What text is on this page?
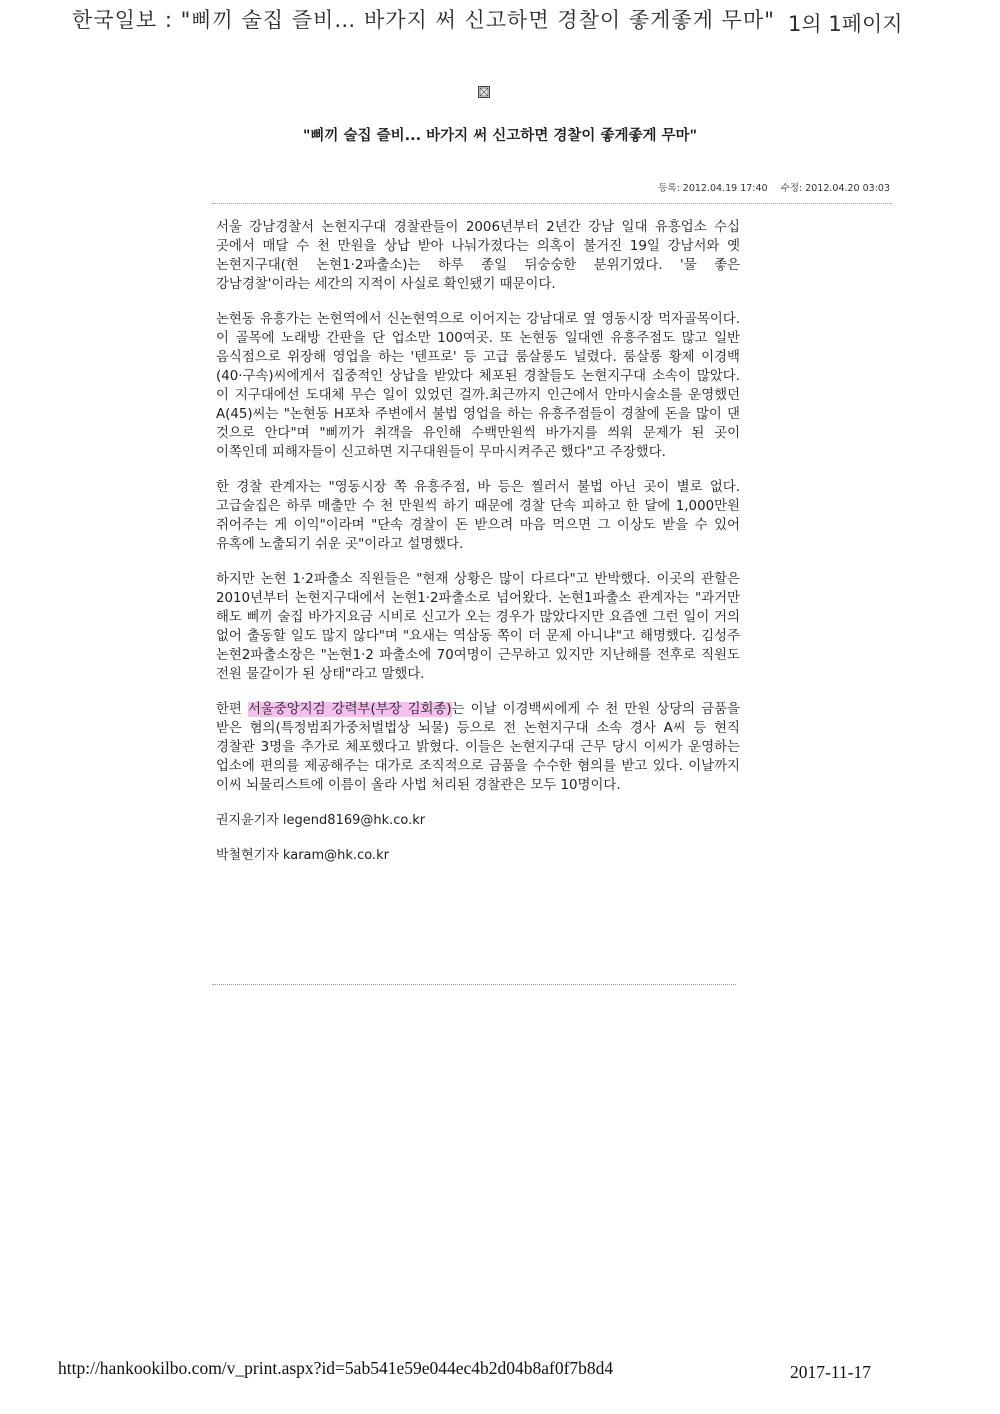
한국일보 : "삐끼 술집 즐비… 바가지 써 신고하면 경찰이 좋게좋게 무마" 1의 1페이지
"삐끼 술집 즐비... 바가지 써 신고하면 경찰이 좋게좋게 무마"
등록: 2012.04.19 17:40 수정: 2012.04.20 03:03

서울 강남경찰서 논현지구대 경찰관들이 2006년부터 2년간 강남 일대 유흥업소 수십 곳에서 매달 수 천 만원을 상납 받아 나눠가졌다는 의혹이 불거진 19일 강남서와 옛 논현지구대(현 논현1·2파출소)는 하루 종일 뒤숭숭한 분위기였다. '물 좋은 강남경찰'이라는 세간의 지적이 사실로 확인됐기 때문이다.

논현동 유흥가는 논현역에서 신논현역으로 이어지는 강남대로 옆 영동시장 먹자골목이다. 이 골목에 노래방 간판을 단 업소만 100여곳. 또 논현동 일대엔 유흥주점도 많고 일반 음식점으로 위장해 영업을 하는 '텐프로' 등 고급 룸살롱도 널렸다. 룸살롱 황제 이경백(40·구속)씨에게서 집중적인 상납을 받았다 체포된 경찰들도 논현지구대 소속이 많았다. 이 지구대에선 도대체 무슨 일이 있었던 걸까.최근까지 인근에서 안마시술소를 운영했던 A(45)씨는 "논현동 H포차 주변에서 불법 영업을 하는 유흥주점들이 경찰에 돈을 많이 댄 것으로 안다"며 "삐끼가 취객을 유인해 수백만원씩 바가지를 씌워 문제가 된 곳이 이쪽인데 피해자들이 신고하면 지구대원들이 무마시켜주곤 했다"고 주장했다.

한 경찰 관계자는 "영동시장 쪽 유흥주점, 바 등은 찔러서 불법 아닌 곳이 별로 없다. 고급술집은 하루 매출만 수 천 만원씩 하기 때문에 경찰 단속 피하고 한 달에 1,000만원 쥐어주는 게 이익"이라며 "단속 경찰이 돈 받으려 마음 먹으면 그 이상도 받을 수 있어 유혹에 노출되기 쉬운 곳"이라고 설명했다.

하지만 논현 1·2파출소 직원들은 "현재 상황은 많이 다르다"고 반박했다. 이곳의 관할은 2010년부터 논현지구대에서 논현1·2파출소로 넘어왔다. 논현1파출소 관계자는 "과거만 해도 삐끼 술집 바가지요금 시비로 신고가 오는 경우가 많았다지만 요즘엔 그런 일이 거의 없어 출동할 일도 많지 않다"며 "요새는 역삼동 쪽이 더 문제 아니냐"고 해명했다. 김성주 논현2파출소장은 "논현1·2 파출소에 70여명이 근무하고 있지만 지난해를 전후로 직원도 전원 물갈이가 된 상태"라고 말했다.

한편 서울중앙지검 강력부(부장 김회종)는 이날 이경백씨에게 수 천 만원 상당의 금품을 받은 혐의(특정범죄가중처벌법상 뇌물) 등으로 전 논현지구대 소속 경사 A씨 등 현직 경찰관 3명을 추가로 체포했다고 밝혔다. 이들은 논현지구대 근무 당시 이씨가 운영하는 업소에 편의를 제공해주는 대가로 조직적으로 금품을 수수한 혐의를 받고 있다. 이날까지 이씨 뇌물리스트에 이름이 올라 사법 처리된 경찰관은 모두 10명이다.

권지윤기자 legend8169@hk.co.kr
박철현기자 karam@hk.co.kr
http://hankookilbo.com/v_print.aspx?id=5ab541e59e044ec4b2d04b8af0f7b8d4	2017-11-17
